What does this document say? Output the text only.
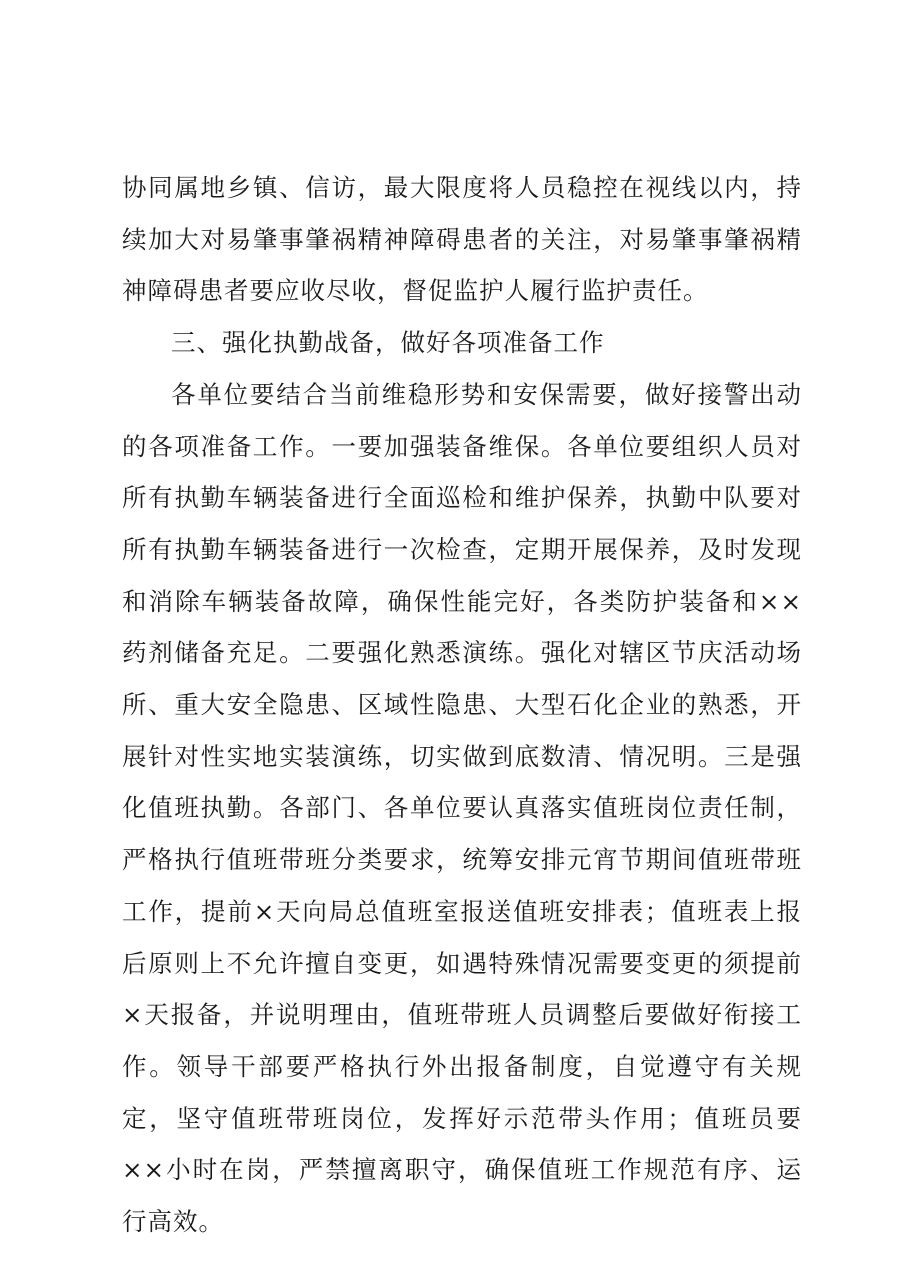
协同属地乡镇、信访，最大限度将人员稳控在视线以内，持续加大对易肇事肇祸精神障碍患者的关注，对易肇事肇祸精神障碍患者要应收尽收，督促监护人履行监护责任。

三、强化执勤战备，做好各项准备工作

各单位要结合当前维稳形势和安保需要，做好接警出动的各项准备工作。一要加强装备维保。各单位要组织人员对所有执勤车辆装备进行全面巡检和维护保养，执勤中队要对所有执勤车辆装备进行一次检查，定期开展保养，及时发现和消除车辆装备故障，确保性能完好，各类防护装备和××药剂储备充足。二要强化熟悉演练。强化对辖区节庆活动场所、重大安全隐患、区域性隐患、大型石化企业的熟悉，开展针对性实地实装演练，切实做到底数清、情况明。三是强化值班执勤。各部门、各单位要认真落实值班岗位责任制，严格执行值班带班分类要求，统筹安排元宵节期间值班带班工作，提前×天向局总值班室报送值班安排表；值班表上报后原则上不允许擅自变更，如遇特殊情况需要变更的须提前×天报备，并说明理由，值班带班人员调整后要做好衔接工作。领导干部要严格执行外出报备制度，自觉遵守有关规定，坚守值班带班岗位，发挥好示范带头作用；值班员要××小时在岗，严禁擅离职守，确保值班工作规范有序、运行高效。
